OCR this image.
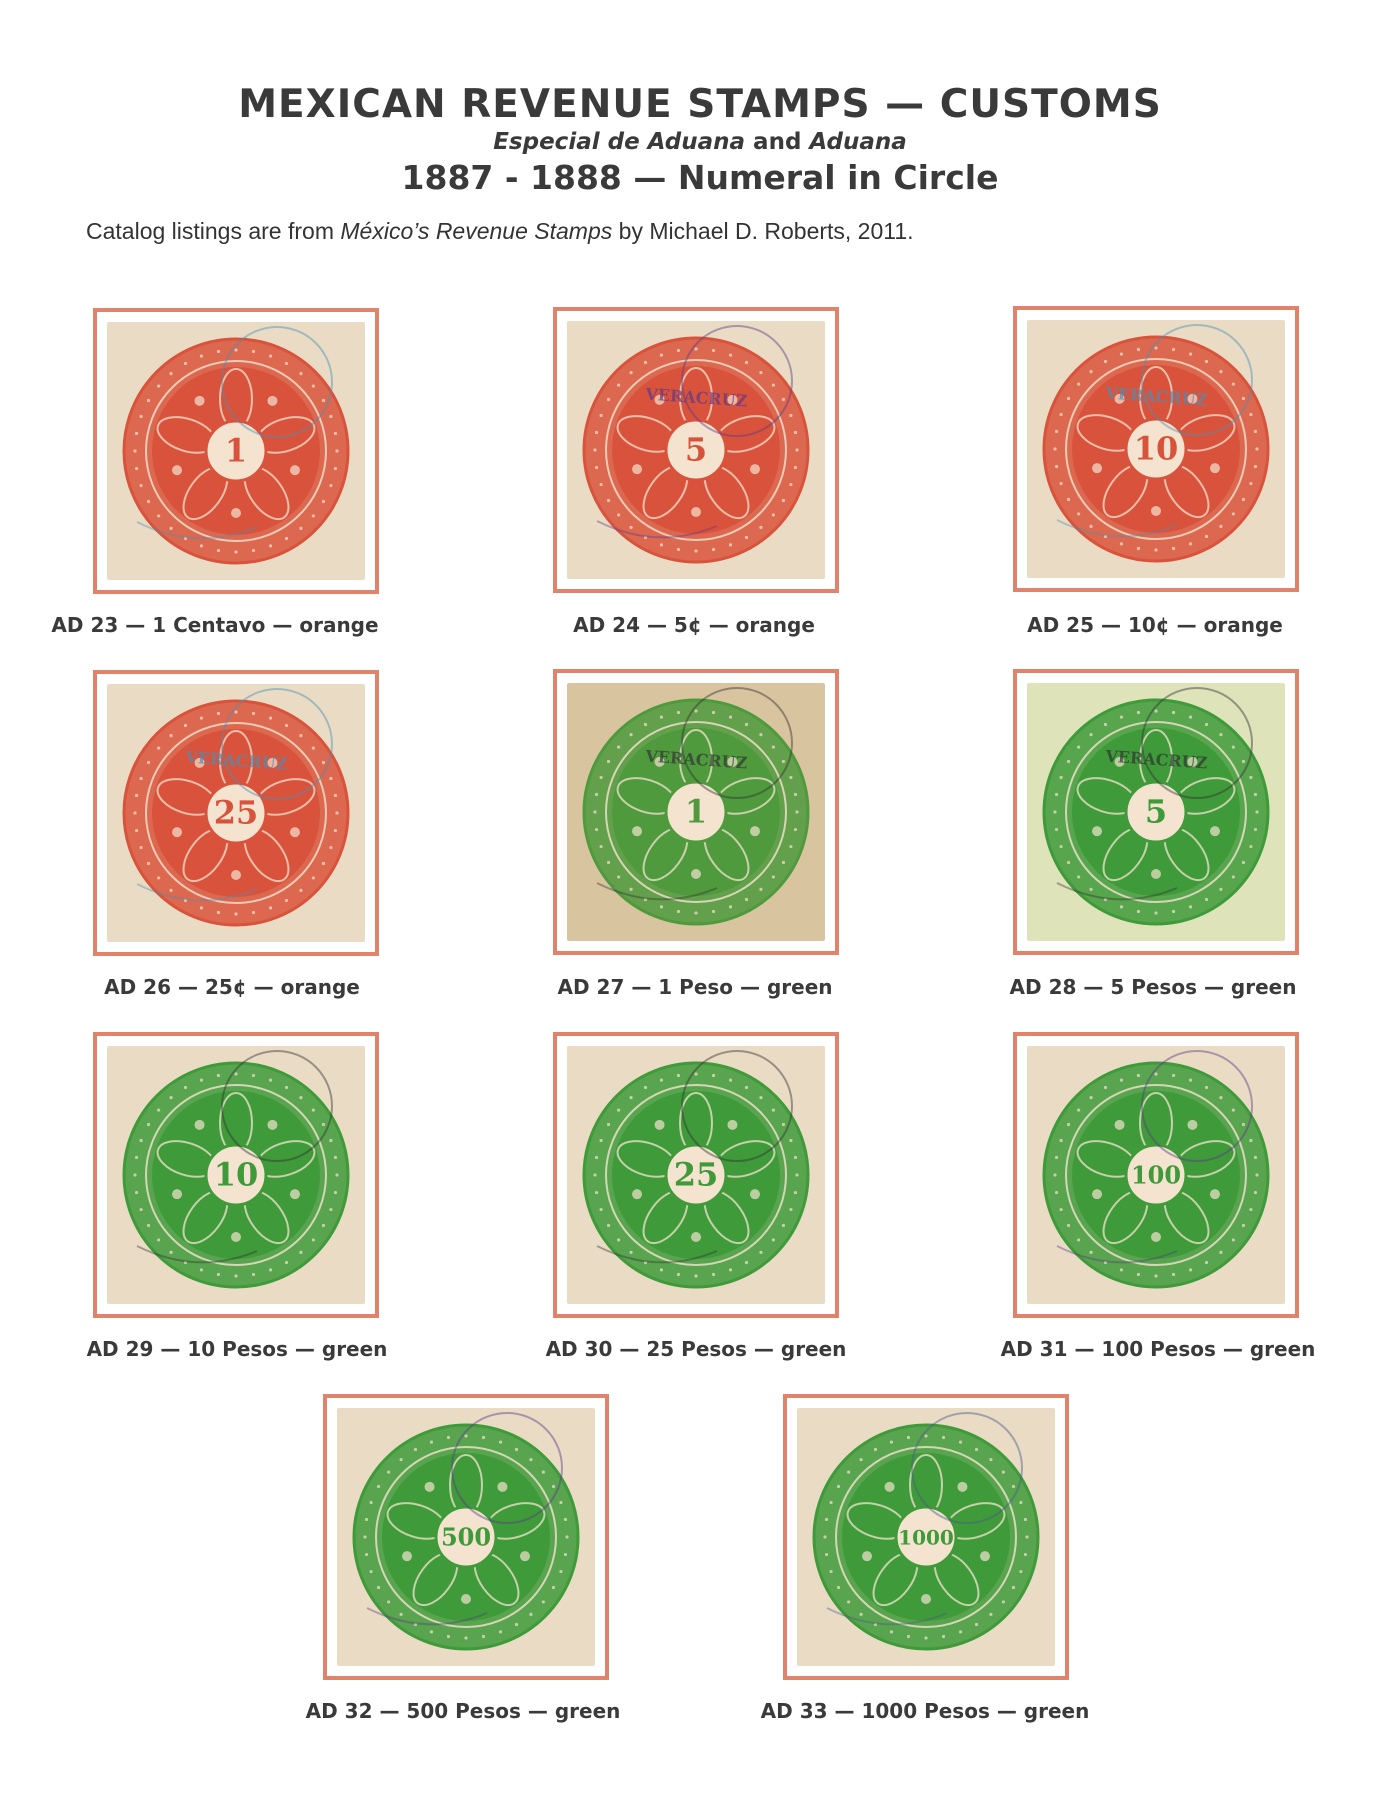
MEXICAN REVENUE STAMPS — CUSTOMS
Especial de Aduana and Aduana
1887 - 1888 — Numeral in Circle
Catalog listings are from México’s Revenue Stamps by Michael D. Roberts, 2011.
1
AD 23 — 1 Centavo — orange
5
VERACRUZ
AD 24 — 5¢ — orange
10
VERACRUZ
AD 25 — 10¢ — orange
25
VERACRUZ
AD 26 — 25¢ — orange
1
VERACRUZ
AD 27 — 1 Peso — green
5
VERACRUZ
AD 28 — 5 Pesos — green
10
AD 29 — 10 Pesos — green
25
AD 30 — 25 Pesos — green
100
AD 31 — 100 Pesos — green
500
AD 32 — 500 Pesos — green
1000
AD 33 — 1000 Pesos — green
